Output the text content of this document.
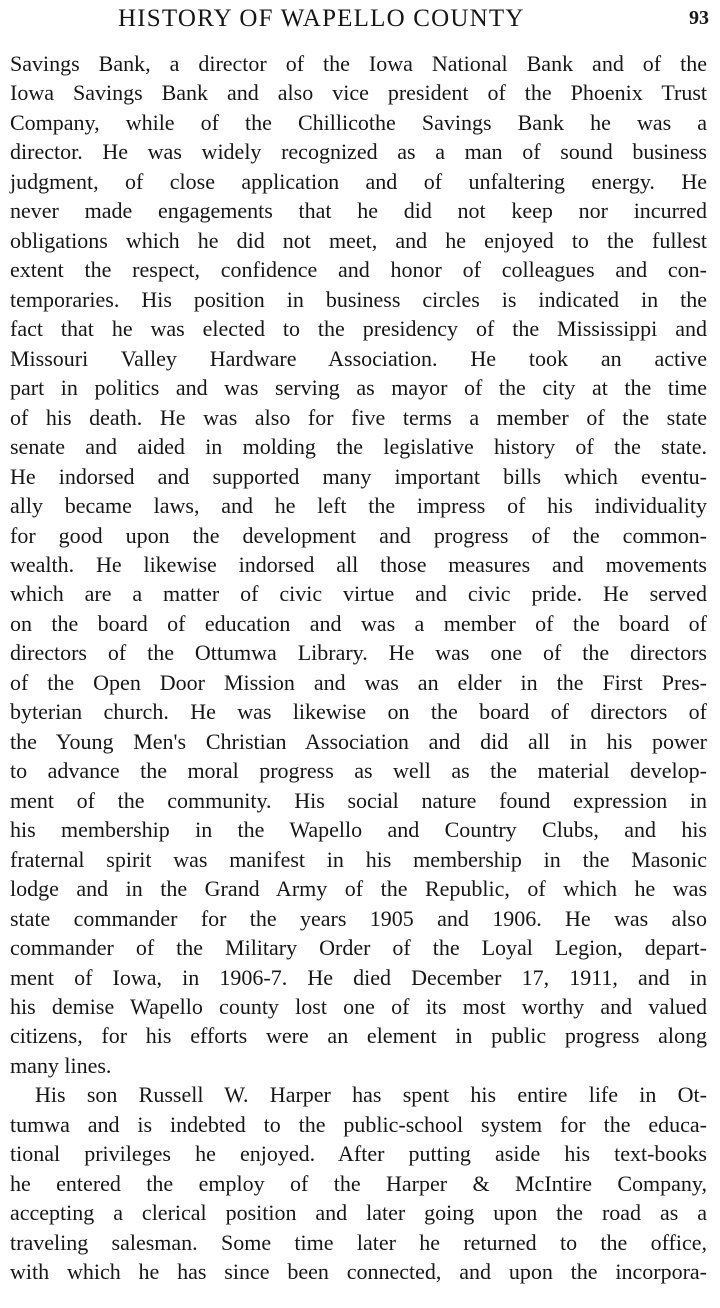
HISTORY OF WAPELLO COUNTY	93
Savings Bank, a director of the Iowa National Bank and of the
Iowa Savings Bank and also vice president of the Phoenix Trust
Company, while of the Chillicothe Savings Bank he was a
director. He was widely recognized as a man of sound business
judgment, of close application and of unfaltering energy. He
never made engagements that he did not keep nor incurred
obligations which he did not meet, and he enjoyed to the fullest
extent the respect, confidence and honor of colleagues and con-
temporaries. His position in business circles is indicated in the
fact that he was elected to the presidency of the Mississippi and
Missouri Valley Hardware Association. He took an active
part in politics and was serving as mayor of the city at the time
of his death. He was also for five terms a member of the state
senate and aided in molding the legislative history of the state.
He indorsed and supported many important bills which eventu-
ally became laws, and he left the impress of his individuality
for good upon the development and progress of the common-
wealth. He likewise indorsed all those measures and movements
which are a matter of civic virtue and civic pride. He served
on the board of education and was a member of the board of
directors of the Ottumwa Library. He was one of the directors
of the Open Door Mission and was an elder in the First Pres-
byterian church. He was likewise on the board of directors of
the Young Men's Christian Association and did all in his power
to advance the moral progress as well as the material develop-
ment of the community. His social nature found expression in
his membership in the Wapello and Country Clubs, and his
fraternal spirit was manifest in his membership in the Masonic
lodge and in the Grand Army of the Republic, of which he was
state commander for the years 1905 and 1906. He was also
commander of the Military Order of the Loyal Legion, depart-
ment of Iowa, in 1906-7. He died December 17, 1911, and in
his demise Wapello county lost one of its most worthy and valued
citizens, for his efforts were an element in public progress along
many lines.
His son Russell W. Harper has spent his entire life in Ot-
tumwa and is indebted to the public-school system for the educa-
tional privileges he enjoyed. After putting aside his text-books
he entered the employ of the Harper & McIntire Company,
accepting a clerical position and later going upon the road as a
traveling salesman. Some time later he returned to the office,
with which he has since been connected, and upon the incorpora-
